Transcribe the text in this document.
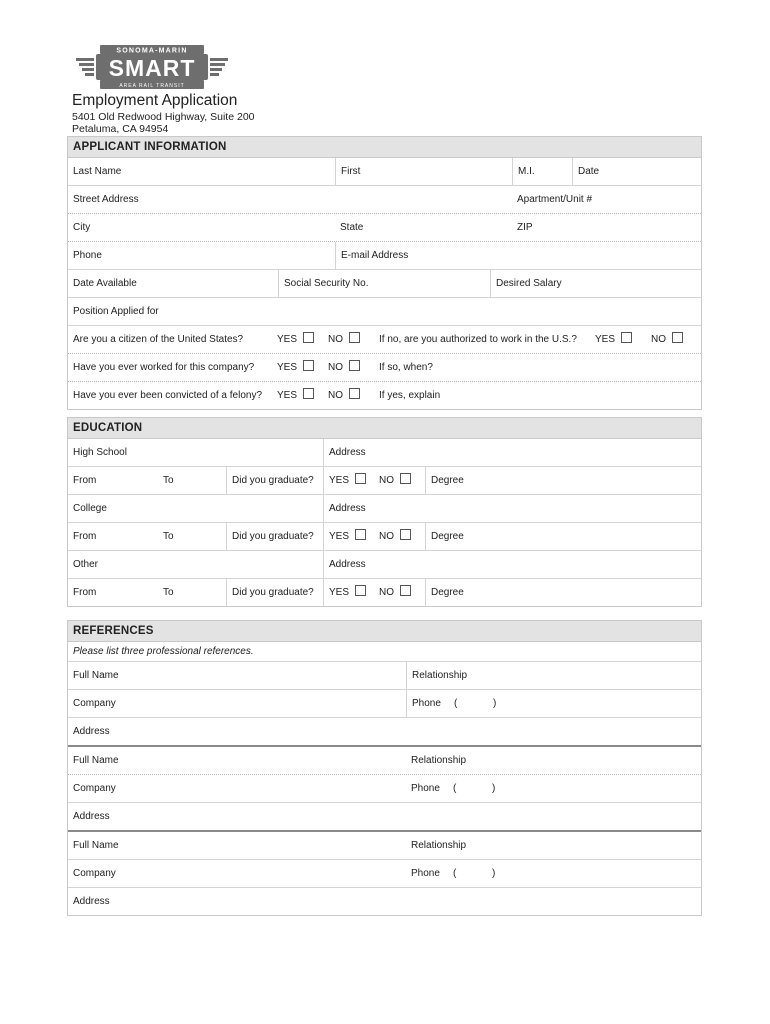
SONOMA-MARIN
SMART
AREA RAIL TRANSIT
Employment Application
5401 Old Redwood Highway, Suite 200
Petaluma, CA 94954
APPLICANT INFORMATION
Last Name	First	M.I.	Date
Street Address	Apartment/Unit #
City	State	ZIP
Phone	E-mail Address
Date Available	Social Security No.	Desired Salary
Position Applied for
Are you a citizen of the United States?	YES	NO	If no, are you authorized to work in the U.S.? YES	NO
Have you ever worked for this company? YES	NO	If so, when?
Have you ever been convicted of a felony? YES	NO	If yes, explain
EDUCATION
High School	Address
From	To	Did you graduate?	YES	NO	Degree
College	Address
From	To	Did you graduate?	YES	NO	Degree
Other	Address
From	To	Did you graduate?	YES	NO	Degree
REFERENCES
Please list three professional references.
Full Name	Relationship
Company	Phone (	)
Address
Full Name	Relationship
Company	Phone (	)
Address
Full Name	Relationship
Company	Phone (	)
Address
